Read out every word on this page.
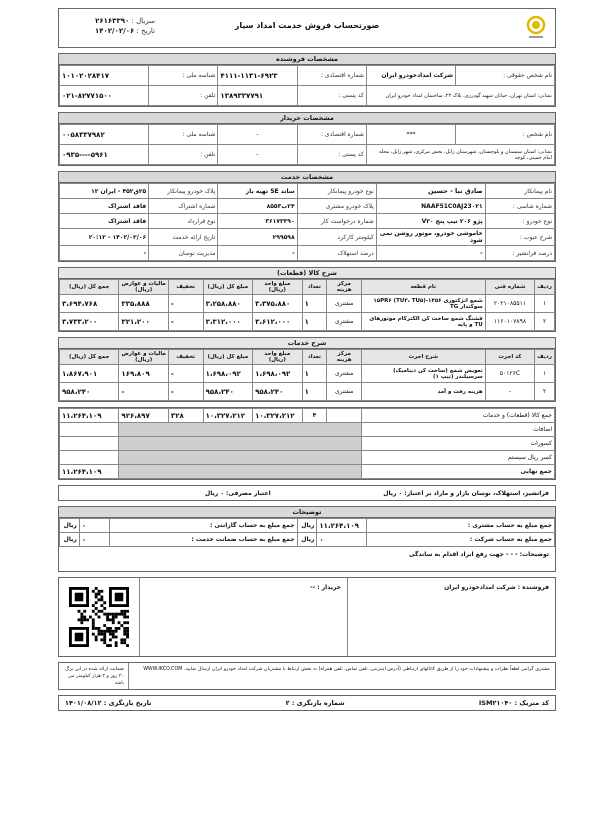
صورتحساب فروش خدمت امداد سیار
سریال : ۲۶۱۶۳۳۹۰
تاریخ : ۱۴۰۲/۰۲/۰۶
مشخصات فروشنده
نام شخص حقوقی :	شرکت امدادخودرو ایران	شماره اقتصادی :	۴۱۱۱-۱۱۳۱-۶۹۲۳	شناسه ملی :	۱۰۱۰۲۰۲۸۴۱۷
نشانی: استان تهران، خیابان شهید گودرزی، پلاک ۲۲، ساختمان امداد خودرو ایران		کد پستی :	۱۳۸۹۳۳۷۷۹۱	تلفن :	۰۲۱-۸۲۷۷۱۵۰۰
مشخصات خریدار
نام شخص :	***	شماره اقتصادی :	-	شناسه ملی :	۰۰۵۸۳۳۷۹۸۲
نشانی: استان سیستان و بلوچستان، شهرستان زابل، بخش مرکزی، شهر زابل، محله امام خمینی، کوچه		کد پستی :	-	تلفن :	۰۹۳۵----۵۹۶۱
مشخصات خدمت
نام پیمانکار	صادق تبا - حسین	نوع خودرو پیمانکار	ساند SE تهیه بار	پلاک خودرو پیمانکار	۲۵ق۴۵۲ - ایران ۱۲
شماره شاسی :	NAAF51C0AJ23۰۲۱	پلاک خودرو مشتری	۲۴ب۸۵۵۳	شماره اشتراک	فاقد اشتراک
نوع خودرو :	پژو ۲۰۶ تیپ پنج V۲۰	شماره درخواست کار	۳۶۱۷۳۳۹۰	نوع قرارداد	فاقد اشتراک
شرح عیوب :	خاموشی خودرو، موتور روشن نمی شود	کیلومتر کارکرد	۲۹۹۵۹۸	تاریخ ارائه خدمت	۱۴۰۲/۰۲/۰۶ - ۲۰:۱۲
درصد فرانشیز :	-	درصد استهلاک	-	مدیریت نوسان	-
شرح کالا (قطعات)
ردیف	شماره فنی	نام قطعه	مرکز هزینه	تعداد	مبلغ واحد (ریال)	مبلغ کل (ریال)	تخفیف	مالیات و عوارض (ریال)	جمع کل (ریال)
۱	۲۰۲۱۰۸۵۵۱۱	شمع انژکتوری ۱۴۵۶-۱۵PR۶ (TU۳، TU۵) سوکتدار TG	مشتری	۱	۳،۳۷۵،۸۸۰	۳،۲۵۸،۸۸۰	-	۳۳۵،۸۸۸	۳،۶۹۴،۷۶۸
۲	۱۱۶۰۱۰۷۸۹۸	فشنگ شمع ساخت کن الکترکام موتورهای TU و پایه	مشتری	۱	۳،۶۱۲،۰۰۰	۳،۳۱۲،۰۰۰	-	۳۲۱،۲۰۰	۳،۷۳۳،۲۰۰
شرح خدمات
ردیف	کد اجرت	شرح اجرت	مرکز هزینه	تعداد	مبلغ واحد (ریال)	مبلغ کل (ریال)	تخفیف	مالیات و عوارض (ریال)	جمع کل (ریال)
۱	۵۰۱۲۶C	تعویض شمع (ساخت کن دینامیک) سرسیلندر (تیپ ۱)	مشتری	۱	۱،۶۹۸،۰۹۲	۱،۶۹۸،۰۹۲	-	۱۶۹،۸۰۹	۱،۸۶۷،۹۰۱
۲	-	هزینه رفت و آمد	مشتری	۱	۹۵۸،۲۴۰	۹۵۸،۲۴۰	-	-	۹۵۸،۲۴۰
جمع کالا (قطعات) و خدمات		۴	۱۰،۳۲۷،۲۱۲	۱۰،۳۲۷،۲۱۲	۳۲۸	۹۲۶،۸۹۷	۱۱،۲۶۴،۱۰۹
اضافات							
کسورات							
کسر ریال سیستم							
جمع نهایی							۱۱،۲۶۴،۱۰۹
فرانشیز، استهلاک، نوسان بازار و مازاد بر اعتبار: ۰ ریال
اعتبار مصرفی: ۰ ریال
توضیحات
جمع مبلغ به حساب مشتری :	۱۱،۲۶۴،۱۰۹	ریال	جمع مبلغ به حساب گارانتی :	۰	ریال
جمع مبلغ به حساب شرکت :	۰	ریال	جمع مبلغ به حساب ضمانت خدمت :	۰	ریال
توضیحات: - - - جهت رفع ابراد اقدام به ساندگی
فروشنده : شرکت امدادخودرو ایران
خریدار : --
مشتری گرامی لطفاً نظرات و پیشنهادات خود را از طریق کانالهای ارتباطی (آدرس اینترنتی، تلفن تماس، تلفن همراه) به بخش ارتباط با مشتریان شرکت امداد خودرو ایران ارسال نمایید. WWW.IKCO.COM
ضمانت ارائه شده در این برگ ۲۰ روز و ۲ هزار کیلومتر می باشد
کد متریک : ISM۲۱۰۴۰
شماره بازنگری : ۲
تاریخ بازنگری : ۱۴۰۱/۰۸/۱۲
